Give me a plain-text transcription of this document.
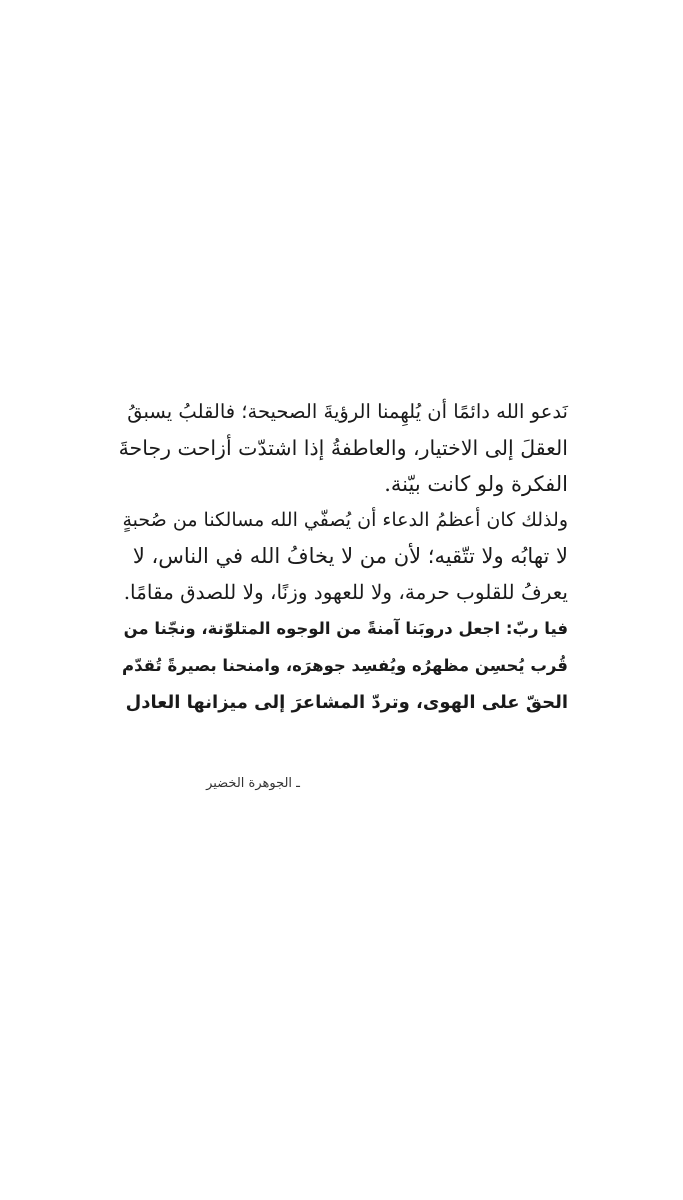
نَدعو الله دائمًا أن يُلهِمنا الرؤيةَ الصحيحة؛ فالقلبُ يسبقُ
العقلَ إلى الاختيار، والعاطفةُ إذا اشتدّت أزاحت رجاحةَ
الفكرة ولو كانت بيّنة.
ولذلك كان أعظمُ الدعاء أن يُصفّي الله مسالكنا من صُحبةٍ
لا تهابُه ولا تتّقيه؛ لأن من لا يخافُ الله في الناس، لا
يعرفُ للقلوب حرمة، ولا للعهود وزنًا، ولا للصدق مقامًا.
فيا ربّ: اجعل دروبَنا آمنةً من الوجوه المتلوّنة، ونجّنا من
قُرب يُحسِن مظهرُه ويُفسِد جوهرَه، وامنحنا بصيرةً تُقدّم
الحقّ على الهوى، وتردّ المشاعرَ إلى ميزانها العادل
ـ الجوهرة الخضير
